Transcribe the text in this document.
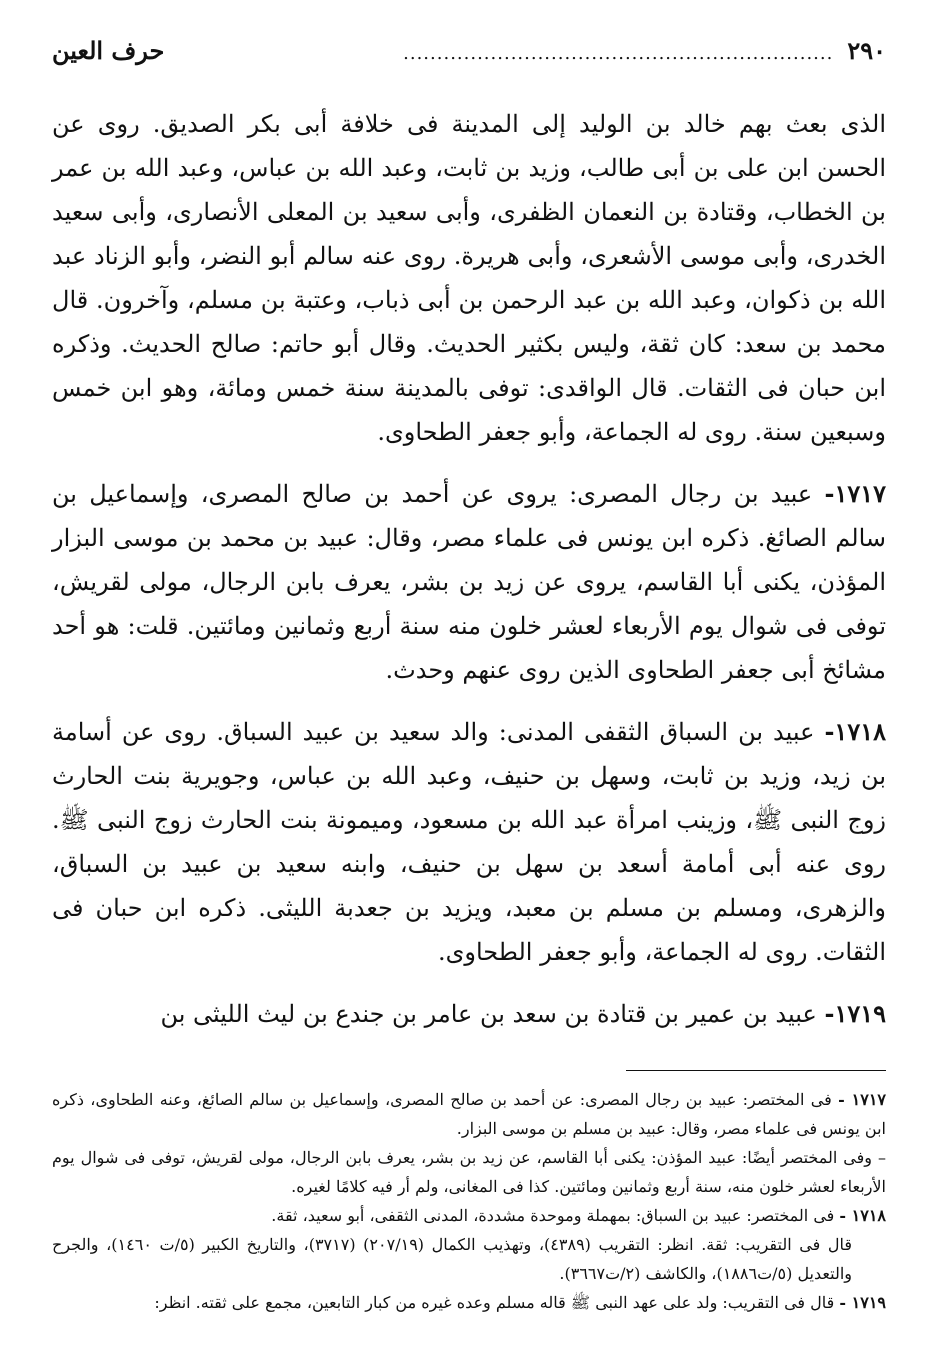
٢٩٠
................................................................
حرف العين

الذى بعث بهم خالد بن الوليد إلى المدينة فى خلافة أبى بكر الصديق. روى عن الحسن ابن على بن أبى طالب، وزيد بن ثابت، وعبد الله بن عباس، وعبد الله بن عمر بن الخطاب، وقتادة بن النعمان الظفرى، وأبى سعيد بن المعلى الأنصارى، وأبى سعيد الخدرى، وأبى موسى الأشعرى، وأبى هريرة. روى عنه سالم أبو النضر، وأبو الزناد عبد الله بن ذكوان، وعبد الله بن عبد الرحمن بن أبى ذباب، وعتبة بن مسلم، وآخرون. قال محمد بن سعد: كان ثقة، وليس بكثير الحديث. وقال أبو حاتم: صالح الحديث. وذكره ابن حبان فى الثقات. قال الواقدى: توفى بالمدينة سنة خمس ومائة، وهو ابن خمس وسبعين سنة. روى له الجماعة، وأبو جعفر الطحاوى.

١٧١٧- عبيد بن رجال المصرى: يروى عن أحمد بن صالح المصرى، وإسماعيل بن سالم الصائغ. ذكره ابن يونس فى علماء مصر، وقال: عبيد بن محمد بن موسى البزار المؤذن، يكنى أبا القاسم، يروى عن زيد بن بشر، يعرف بابن الرجال، مولى لقريش، توفى فى شوال يوم الأربعاء لعشر خلون منه سنة أربع وثمانين ومائتين. قلت: هو أحد مشائخ أبى جعفر الطحاوى الذين روى عنهم وحدث.

١٧١٨- عبيد بن السباق الثقفى المدنى: والد سعيد بن عبيد السباق. روى عن أسامة بن زيد، وزيد بن ثابت، وسهل بن حنيف، وعبد الله بن عباس، وجويرية بنت الحارث زوج النبى ﷺ، وزينب امرأة عبد الله بن مسعود، وميمونة بنت الحارث زوج النبى ﷺ. روى عنه أبى أمامة أسعد بن سهل بن حنيف، وابنه سعيد بن عبيد بن السباق، والزهرى، ومسلم بن مسلم بن معبد، ويزيد بن جعدبة الليثى. ذكره ابن حبان فى الثقات. روى له الجماعة، وأبو جعفر الطحاوى.

١٧١٩- عبيد بن عمير بن قتادة بن سعد بن عامر بن جندع بن ليث الليثى بن

١٧١٧ - فى المختصر: عبيد بن رجال المصرى: عن أحمد بن صالح المصرى، وإسماعيل بن سالم الصائغ، وعنه الطحاوى، ذكره ابن يونس فى علماء مصر، وقال: عبيد بن مسلم بن موسى البزار.

– وفى المختصر أيضًا: عبيد المؤذن: يكنى أبا القاسم، عن زيد بن بشر، يعرف بابن الرجال، مولى لقريش، توفى فى شوال يوم الأربعاء لعشر خلون منه، سنة أربع وثمانين ومائتين. كذا فى المغانى، ولم أر فيه كلامًا لغيره.

١٧١٨ - فى المختصر: عبيد بن السباق: بمهملة وموحدة مشددة، المدنى الثقفى، أبو سعيد، ثقة.

قال فى التقريب: ثقة. انظر: التقريب (٤٣٨٩)، وتهذيب الكمال (٢٠٧/١٩) (٣٧١٧)، والتاريخ الكبير (٥/ت ١٤٦٠)، والجرح والتعديل (٥/ت١٨٨٦)، والكاشف (٢/ت٣٦٦٧).

١٧١٩ - قال فى التقريب: ولد على عهد النبى ﷺ قاله مسلم وعده غيره من كبار التابعين، مجمع على ثقته. انظر:
